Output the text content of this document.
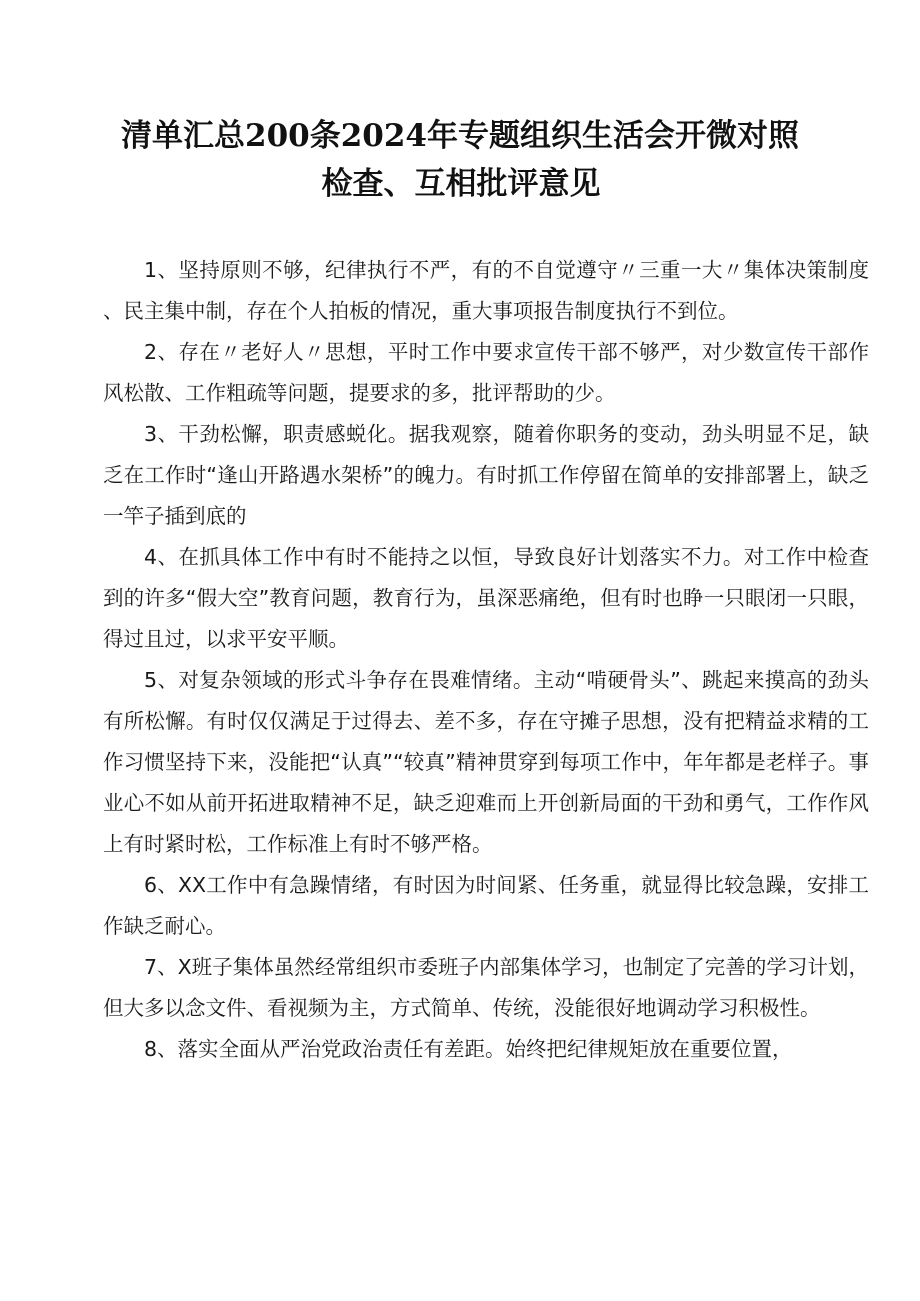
清单汇总200条2024年专题组织生活会开微对照
检查、互相批评意见

1、坚持原则不够，纪律执行不严，有的不自觉遵守〃三重一大〃集体决策制度、民主集中制，存在个人拍板的情况，重大事项报告制度执行不到位。

2、存在〃老好人〃思想，平时工作中要求宣传干部不够严，对少数宣传干部作风松散、工作粗疏等问题，提要求的多，批评帮助的少。

3、干劲松懈，职责感蜕化。据我观察，随着你职务的变动，劲头明显不足，缺乏在工作时“逢山开路遇水架桥”的魄力。有时抓工作停留在简单的安排部署上，缺乏一竿子插到底的

4、在抓具体工作中有时不能持之以恒，导致良好计划落实不力。对工作中检查到的许多“假大空”教育问题，教育行为，虽深恶痛绝，但有时也睁一只眼闭一只眼，得过且过，以求平安平顺。

5、对复杂领域的形式斗争存在畏难情绪。主动“啃硬骨头”、跳起来摸高的劲头有所松懈。有时仅仅满足于过得去、差不多，存在守摊子思想，没有把精益求精的工作习惯坚持下来，没能把“认真”“较真”精神贯穿到每项工作中，年年都是老样子。事业心不如从前开拓进取精神不足，缺乏迎难而上开创新局面的干劲和勇气，工作作风上有时紧时松，工作标准上有时不够严格。

6、XX工作中有急躁情绪，有时因为时间紧、任务重，就显得比较急躁，安排工作缺乏耐心。

7、X班子集体虽然经常组织市委班子内部集体学习，也制定了完善的学习计划，但大多以念文件、看视频为主，方式简单、传统，没能很好地调动学习积极性。

8、落实全面从严治党政治责任有差距。始终把纪律规矩放在重要位置，
